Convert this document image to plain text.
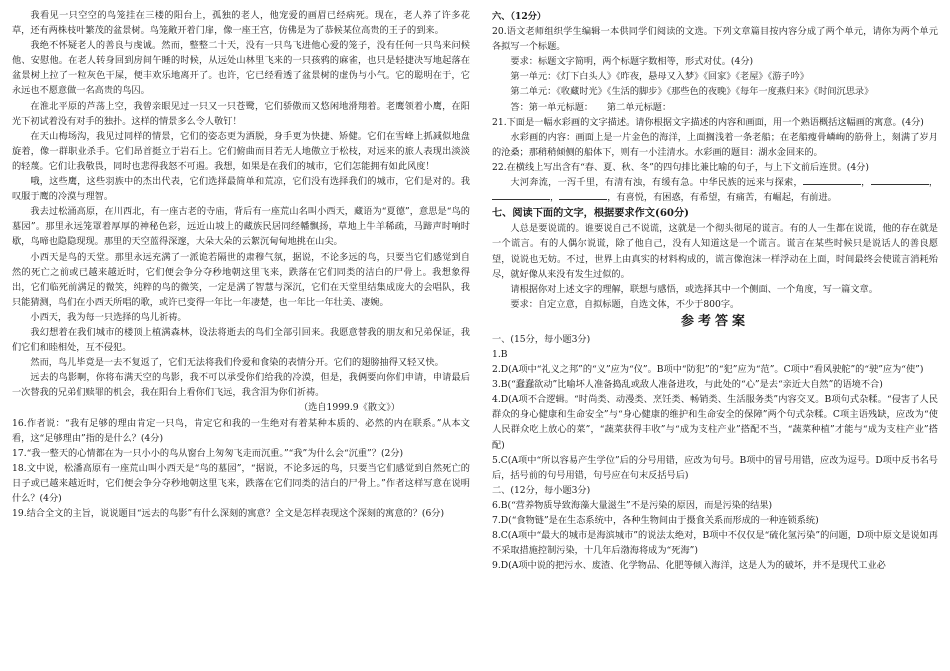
我看见一只空空的鸟笼挂在三楼的阳台上，孤独的老人，他宠爱的画眉已经病死。现在，老人养了许多花草，还有两株枝叶繁茂的盆景树。鸟笼敞开着门扉，像一座王宫，仿佛是为了恭候某位高贵的王子的到来。

我绝不怀疑老人的善良与虔诚。然而，整整二十天，没有一只鸟飞进他心爱的笼子，没有任何一只鸟来问候他、安慰他。在老人转身回到房间午睡的时候，从远处山林里飞来的一只孩鸦的麻雀，也只是轻捷决写地起落在盆景树上拉了一粒灰色干屎，便丰欢乐地离开了。也许，它已经看透了盆景树的虚伪与小气。它的聪明在于，它永远也不愿意做一名高贵的鸟囚。

在淮北平原的芦荡上空，我曾亲眼见过一只又一只苍鹭，它们骄傲而又悠闲地滑翔着。老鹰领着小鹰，在阳光下初试着没有对手的独扑。这样的情景多么令人敬钉！

在天山梅场沟，我见过同样的情景，它们的姿态更为洒脱，身手更为快捷、矫健。它们在雪峰上抓减似地盘旋着，像一群职业杀手。它们昂首挺立于岩石上。它们俯曲而目若无人地傲立于松枝，对远来的旅人表现出淡淡的轻蔑。它们让我敬畏，同时也悲得我怒不可遏。我想，如果是在我们的城市，它们怎能拥有如此风度！

哦，这些鹰，这些羽族中的杰出代表，它们选择最简单和荒凉，它们没有选择我们的城市，它们是对的。我叹服于鹰的冷漠与理智。

我去过松涌高原，在川西北，有一座古老的寺庙，背后有一座荒山名叫小西天，藏语为“夏德”，意思是“鸟的墓园”。那里永远笼罩着厚厚的神秘色彩，远近山坡上的藏族民居同经幡飘扬，草地上牛羊稀疏，马蹄声时响时歇，鸟啼也隐隐现现。那里的天空蓝得深邃，大朵大朵的云絮沉甸甸地挑在山尖。

小西天是鸟的天堂。那里永远充满了一派诡若隔世的肃穆气氛，据说，不论多远的鸟，只要当它们感觉到自然的死亡之前或已越来越近时，它们便会争分夺秒地朝这里飞来，跌落在它们同类的洁白的尸骨上。我想象得出，它们临死前满足的微笑，纯粹的鸟的微笑，一定是满了智慧与深沉，它们在天堂里结集成庞大的会唱队，我只能猜测，鸟们在小西天所唱的歌，或许已变得一年比一年凄楚，也一年比一年壮美、凄婉。

小西天，我为每一只选择的鸟儿祈祷。

我幻想着在我们城市的楼顶上植满森林，设法将逝去的鸟们全部引回来。我愿意替我的朋友和兄弟保证，我们它们和睦相处，互不侵犯。

然而，鸟儿毕竟是一去不复返了，它们无法将我们伶爱和食染的表情分开。它们的翅膀抽得又轻又快。

远去的鸟影啊，你将布满天空的鸟影，我不可以承受你们给我的冷漠，但是，我俩要向你们申请，申请最后一次替我的兄弟们赎罪的机会，我在阳台上看你们飞远，我含泪为你们祈祷。

（选自1999.9《散文》）

16.作者说：“我有足够的理由肯定一只鸟，肯定它和我的一生绝对有着某种本质的、必然的内在联系。”从本文看，这“足够理由”指的是什么？(4分)

17.“我一整天的心情都在为一只小小的鸟从窗台上匆匆飞走而沉重。”“我”为什么会“沉重”？(2分)

18.文中说，松潘高原有一座荒山叫小西天是“鸟的墓园”，“据说，不论多远的鸟，只要当它们感觉到自然死亡的日子或已越来越近时，它们便会争分夺秒地朝这里飞来，跌落在它们同类的洁白的尸骨上。”作者这样写意在说明什么？(4分)

19.结合全文的主旨，说说题目“远去的鸟影”有什么深刻的寓意？全文是怎样表现这个深刻的寓意的？(6分)

六、（12分）

20.语文老师组织学生编辑一本供同学们阅读的文选。下列文章篇目按内容分成了两个单元，请你为两个单元各拟写一个标题。

要求：标题文字简明，两个标题字数相等，形式对仗。(4分)

第一单元：《灯下白头人》《昨夜，悬母又入梦》《回家》《老屋》《游子吟》

第二单元：《收藏时光》《生活的脚步》《那些色的夜晚》《每年一度燕归来》《时间沉思录》

答：第一单元标题：　　第二单元标题：

21.下面是一幅水彩画的文字描述。请你根据文字描述的内容和画面，用一个熟语概括这幅画的寓意。(4分)

水彩画的内容：画面上是一片金色的海洋，上面搁浅着一条老船；在老船瘦骨嶙峋的筋骨上，刻满了岁月的沧桑；那稍稍倾侧的船体下，则有一小洼清水。水彩画的题目：湖水金回来的。

22.在横线上写出含有“春、夏、秋、冬”的四句排比兼比喻的句子，与上下文前后连贯。(4分)

大河奔流，一泻千里，有清有浊，有缓有急。中华民族的远来与探索，	，	，，	，有喜悦，有困惑，有希望，有痛苦，有崛起，有前进。

七、阅读下面的文字，根据要求作文(60分)

人总是要说谎的。谁要说自己不说谎，这就是一个彻头彻尾的谎言。有的人一生都在说谎，他的存在就是一个谎言。有的人偶尔说谎，除了他自己，没有人知道这是一个谎言。谎言在某些时候只是说话人的善良愿望，说说也无妨。不过，世界上由真实的材料构成的，谎言像泡沫一样浮动在上面，时间最终会使谎言消耗殆尽，就好像从来没有发生过似的。

请根据你对上述文字的理解，联想与感悟，或选择其中一个侧面、一个角度，写一篇文章。

要求：自定立意，自拟标题，自选文体，不少于800字。

参考答案

一、(15分，每小题3分)

1.B

2.D(A项中“礼义之邦”的“义”应为“仪”。B项中“防犯”的“犯”应为“范”。C项中“看风驶舵”的“驶”应为“使”)

3.B(“蠢蠢欲动”比喻坏人准备捣乱或敌人准备进攻，与此处的“心”是去“亲近大自然”的语境不合)

4.D(A项不合逻辑。“时尚类、动漫类、烹饪类、畅销类、生活服务类”内容交叉。B项句式杂糅。“侵害了人民群众的身心健康和生命安全”与“身心健康的维护和生命安全的保障”两个句式杂糅。C项主语残缺，应改为“使人民群众吃上放心的菜”，“蔬菜获得丰收”与“成为支柱产业”搭配不当，“蔬菜种植”才能与“成为支柱产业”搭配)

5.C(A项中“所以容易产生学位”后的分号用错，应改为句号。B项中的冒号用错，应改为逗号。D项中反书名号后，括号前的句号用错，句号应在句末反括号后)

二、(12分，每小题3分)

6.B(“营养物质导致海藻大量滋生”不是污染的原因，而是污染的结果)

7.D(“食物链”是在生态系统中，各种生物间由于摄食关系而形成的一种连锁系统)

8.C(A项中“最大的城市是海滨城市”的说法太绝对，B项中不仅仅是“硫化氢污染”的问题，D项中原文是说如再不采取措施控制污染，十几年后渤海将成为“死海”)

9.D(A项中说的把污水、废渣、化学物品、化肥等倾入海洋，这是人为的破坏，并不是现代工业必
